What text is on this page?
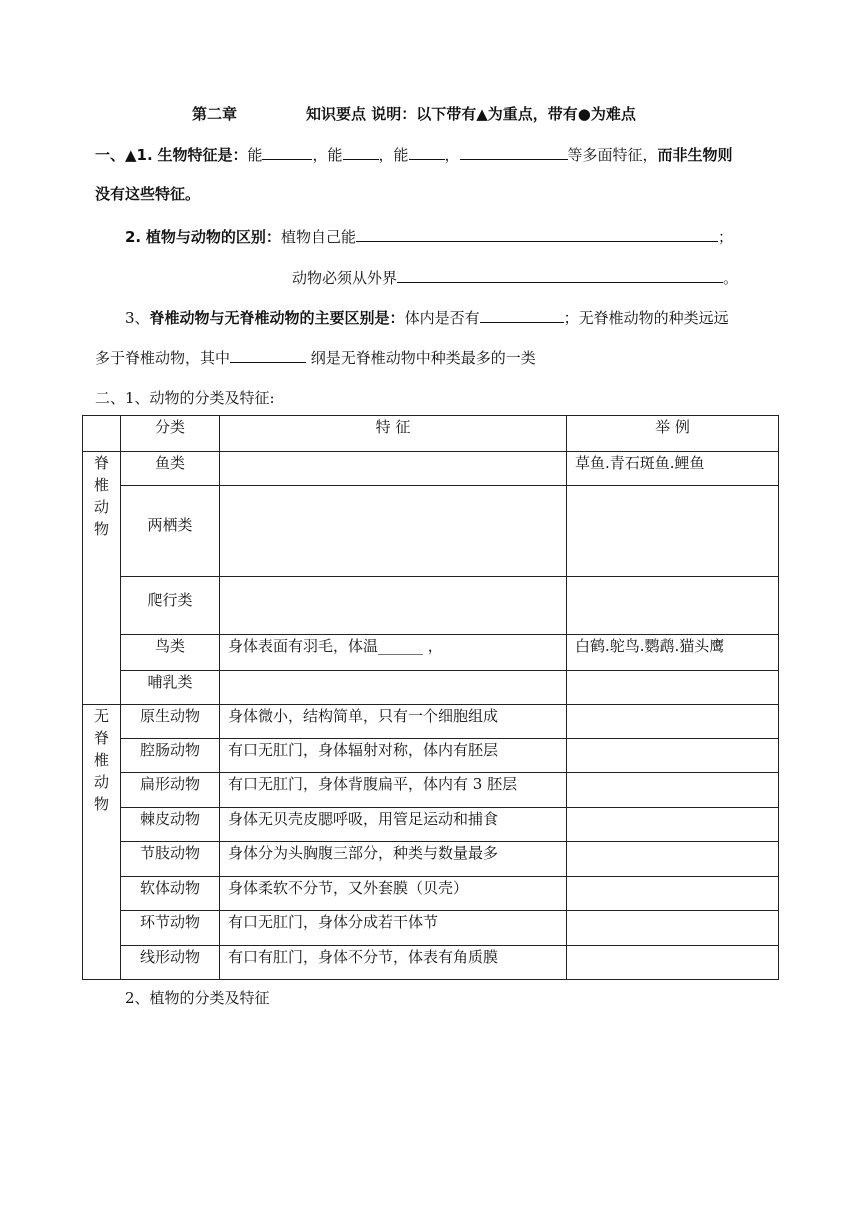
第二章	知识要点 说明：以下带有▲为重点，带有●为难点
一、▲1. 生物特征是：能	，能 ，能 ，	等多面特征，而非生物则
没有这些特征。
2. 植物与动物的区别：植物自己能	；
动物必须从外界	。
3、脊椎动物与无脊椎动物的主要区别是：体内是否有	；无脊椎动物的种类远远
多于脊椎动物，其中	纲是无脊椎动物中种类最多的一类
二、1、动物的分类及特征:
	分类	特 征	举 例

脊
椎
动
物	鱼类		草鱼.青石斑鱼.鲤鱼
	两栖类		
	爬行类		
	鸟类	身体表面有羽毛，体温______ ，	白鹤.鸵鸟.鹦鹉.猫头鹰
	哺乳类		

无
脊
椎
动
物	原生动物	身体微小，结构简单，只有一个细胞组成	
	腔肠动物	有口无肛门，身体辐射对称，体内有胚层	
	扁形动物	有口无肛门，身体背腹扁平，体内有 3 胚层	
	棘皮动物	身体无贝壳皮腮呼吸，用管足运动和捕食	
	节肢动物	身体分为头胸腹三部分，种类与数量最多	
	软体动物	身体柔软不分节，又外套膜（贝壳）	
	环节动物	有口无肛门，身体分成若干体节	
	线形动物	有口有肛门，身体不分节，体表有角质膜	
2、植物的分类及特征
